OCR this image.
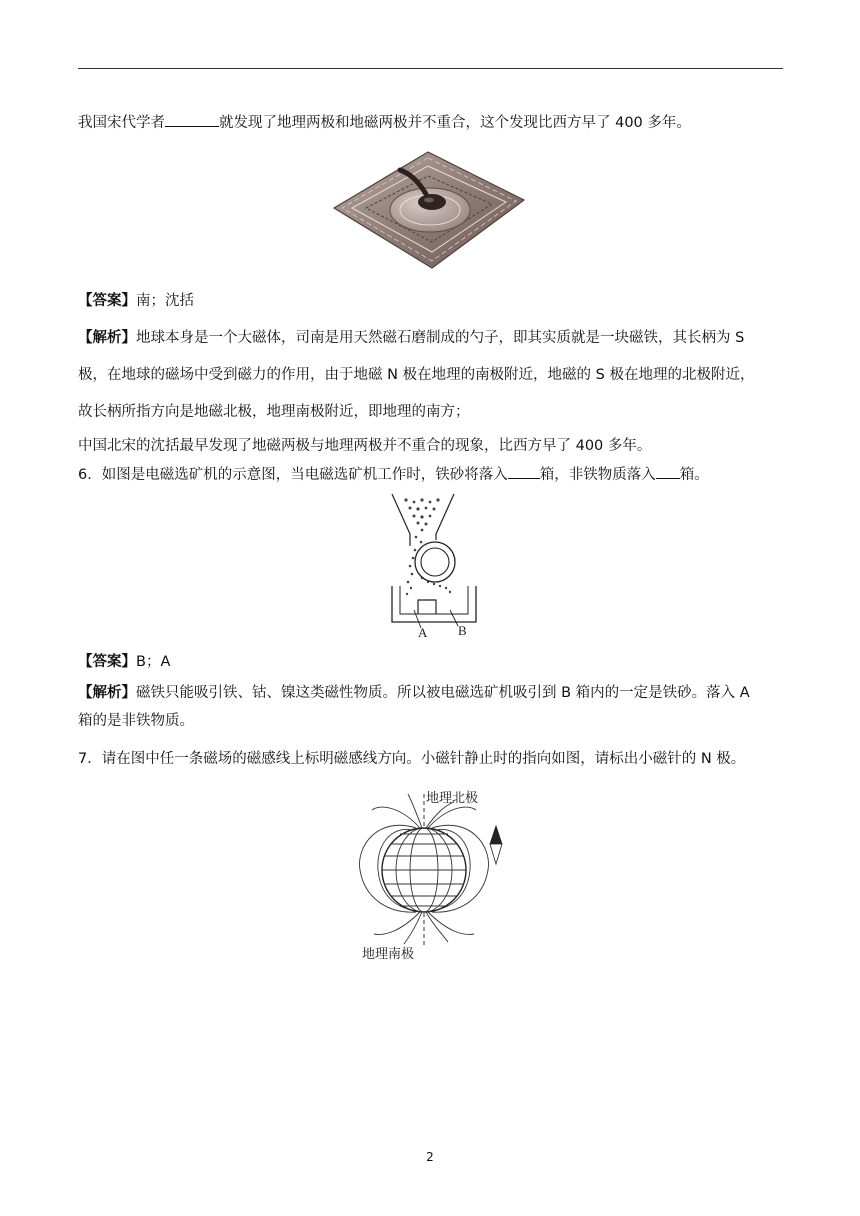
我国宋代学者	就发现了地理两极和地磁两极并不重合，这个发现比西方早了 400 多年。

【答案】南；沈括

【解析】地球本身是一个大磁体，司南是用天然磁石磨制成的勺子，即其实质就是一块磁铁，其长柄为 S

极，在地球的磁场中受到磁力的作用，由于地磁 N 极在地理的南极附近，地磁的 S 极在地理的北极附近，

故长柄所指方向是地磁北极，地理南极附近，即地理的南方；

中国北宋的沈括最早发现了地磁两极与地理两极并不重合的现象，比西方早了 400 多年。

6．如图是电磁选矿机的示意图，当电磁选矿机工作时，铁砂将落入 箱，非铁物质落入 箱。

A B

【答案】B；A

【解析】磁铁只能吸引铁、钴、镍这类磁性物质。所以被电磁选矿机吸引到 B 箱内的一定是铁砂。落入 A

箱的是非铁物质。

7．请在图中任一条磁场的磁感线上标明磁感线方向。小磁针静止时的指向如图，请标出小磁针的 N 极。

地理北极
地理南极
2
